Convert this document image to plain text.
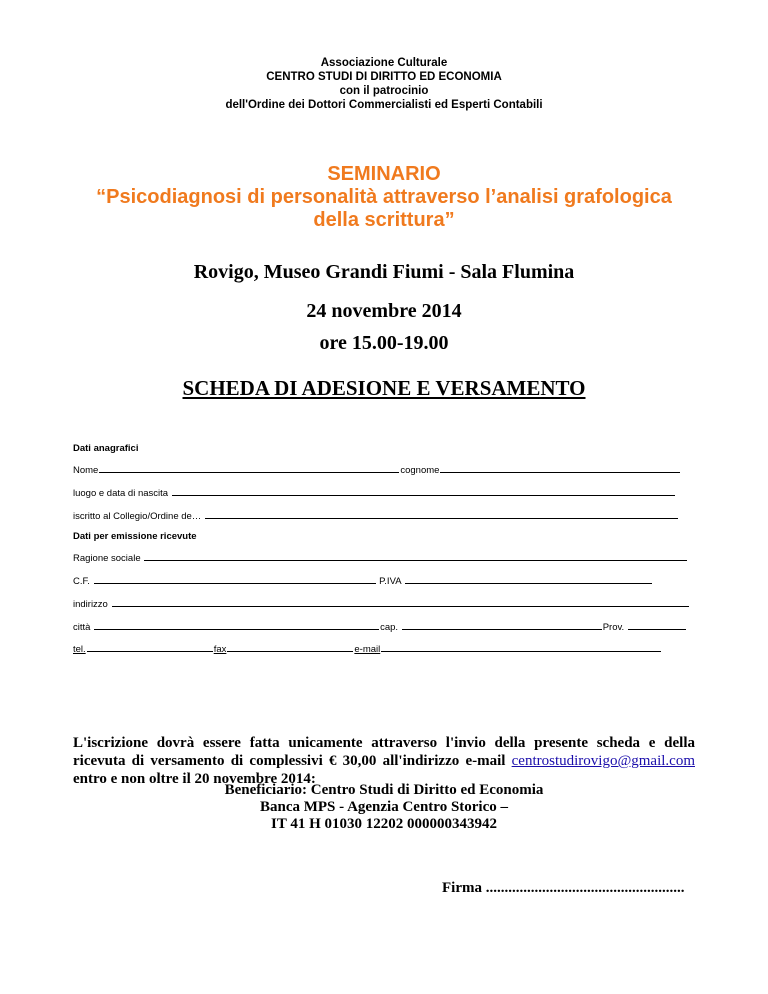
Associazione Culturale
CENTRO STUDI DI DIRITTO ED ECONOMIA
con il patrocinio
dell'Ordine dei Dottori Commercialisti ed Esperti Contabili
SEMINARIO
“Psicodiagnosi di personalità attraverso l’analisi grafologica
della scrittura”
Rovigo, Museo Grandi Fiumi - Sala Flumina
24 novembre 2014
ore 15.00-19.00
SCHEDA DI ADESIONE E VERSAMENTO
Dati anagrafici
Nome	cognome
luogo e data di nascita
iscritto al Collegio/Ordine de…
Dati per emissione ricevute
Ragione sociale
C.F.	P.IVA
indirizzo
città	cap.	Prov.
tel.	fax	e-mail
L'iscrizione dovrà essere fatta unicamente attraverso l'invio della presente scheda e della ricevuta di versamento di complessivi € 30,00 all'indirizzo e-mail centrostudirovigo@gmail.com entro e non oltre il 20 novembre 2014:
Beneficiario: Centro Studi di Diritto ed Economia
Banca MPS - Agenzia Centro Storico –
IT 41 H 01030 12202 000000343942
Firma .....................................................
